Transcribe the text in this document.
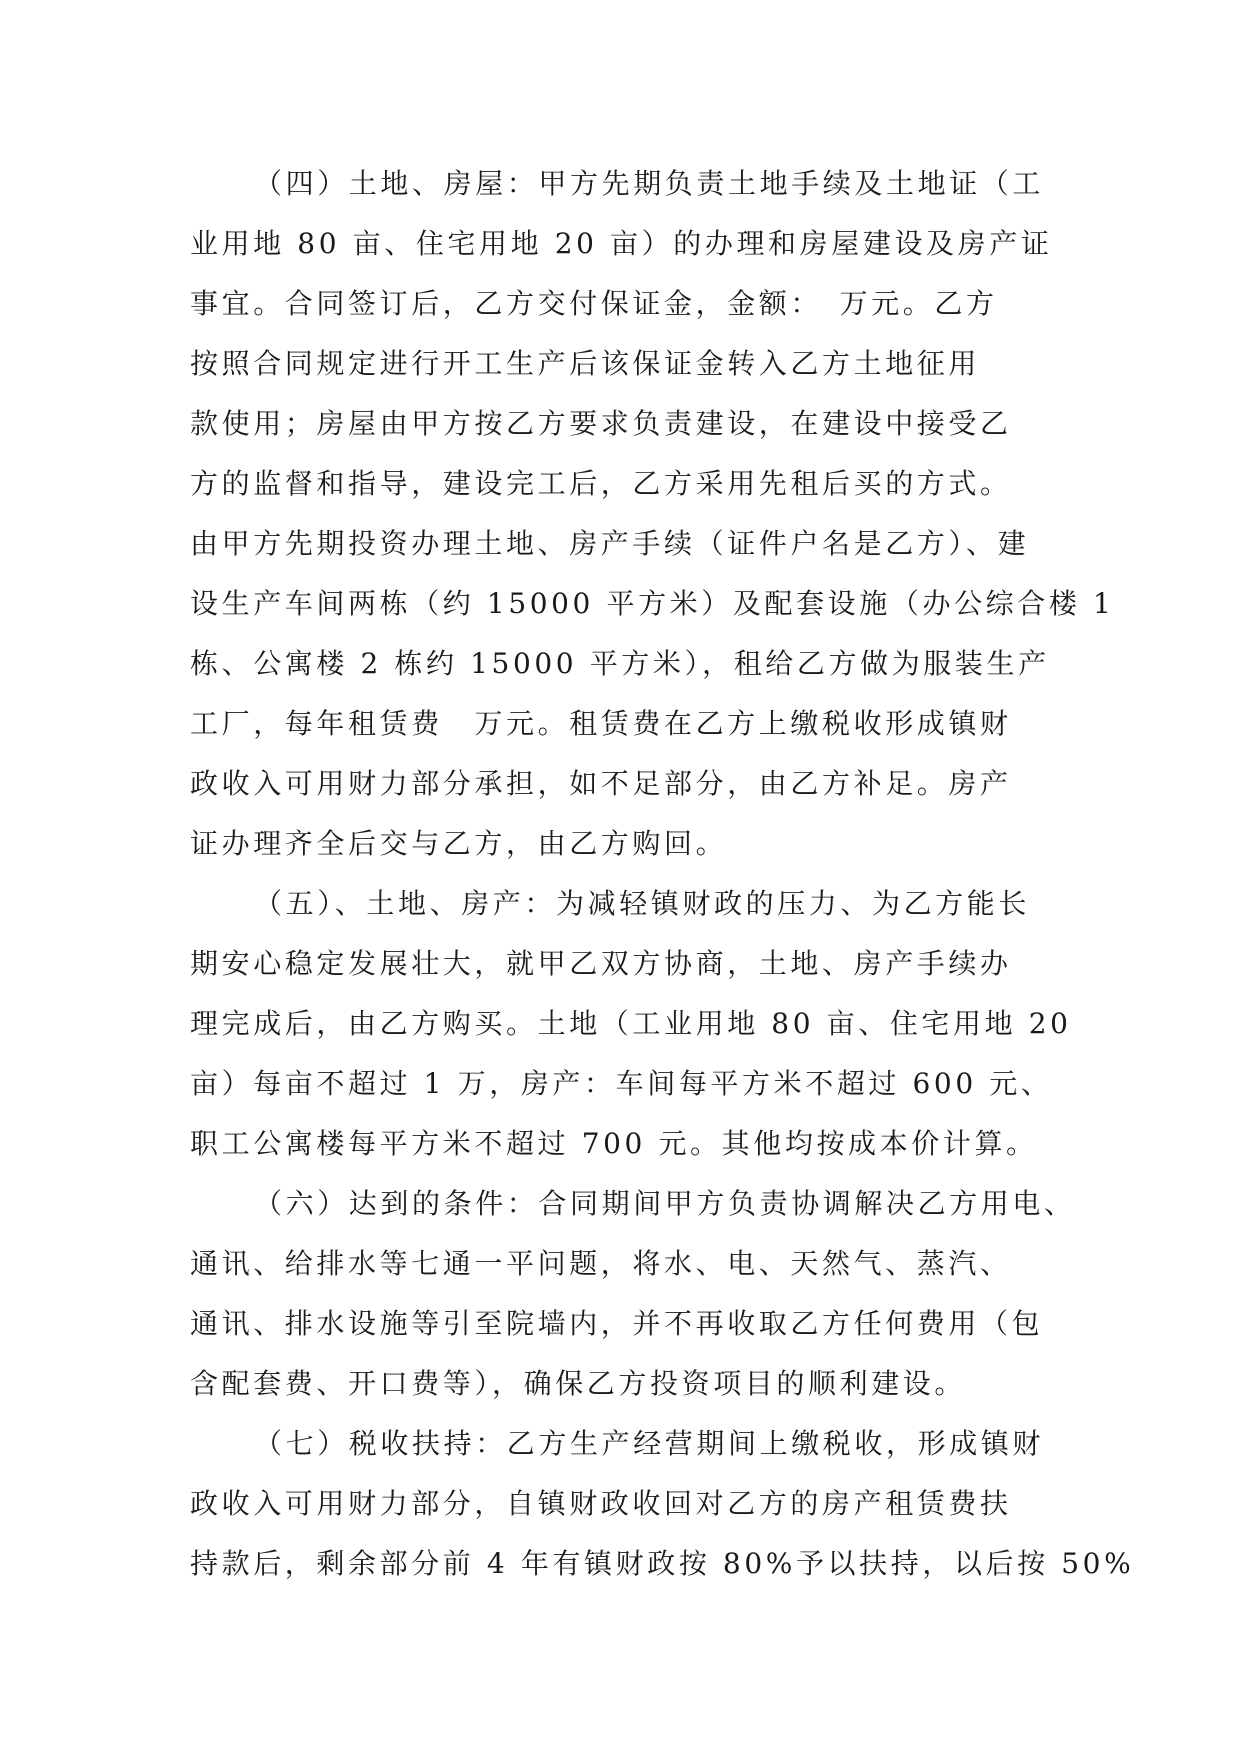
（四）土地、房屋：甲方先期负责土地手续及土地证（工
业用地 80 亩、住宅用地 20 亩）的办理和房屋建设及房产证
事宜。合同签订后，乙方交付保证金，金额：　万元。乙方
按照合同规定进行开工生产后该保证金转入乙方土地征用
款使用；房屋由甲方按乙方要求负责建设，在建设中接受乙
方的监督和指导，建设完工后，乙方采用先租后买的方式。
由甲方先期投资办理土地、房产手续（证件户名是乙方）、建
设生产车间两栋（约 15000 平方米）及配套设施（办公综合楼 1
栋、公寓楼 2 栋约 15000 平方米），租给乙方做为服装生产
工厂，每年租赁费　万元。租赁费在乙方上缴税收形成镇财
政收入可用财力部分承担，如不足部分，由乙方补足。房产
证办理齐全后交与乙方，由乙方购回。
（五）、土地、房产：为减轻镇财政的压力、为乙方能长
期安心稳定发展壮大，就甲乙双方协商，土地、房产手续办
理完成后，由乙方购买。土地（工业用地 80 亩、住宅用地 20
亩）每亩不超过 1 万，房产：车间每平方米不超过 600 元、
职工公寓楼每平方米不超过 700 元。其他均按成本价计算。
（六）达到的条件：合同期间甲方负责协调解决乙方用电、
通讯、给排水等七通一平问题，将水、电、天然气、蒸汽、
通讯、排水设施等引至院墙内，并不再收取乙方任何费用（包
含配套费、开口费等），确保乙方投资项目的顺利建设。
（七）税收扶持：乙方生产经营期间上缴税收，形成镇财
政收入可用财力部分，自镇财政收回对乙方的房产租赁费扶
持款后，剩余部分前 4 年有镇财政按 80%予以扶持，以后按 50%
